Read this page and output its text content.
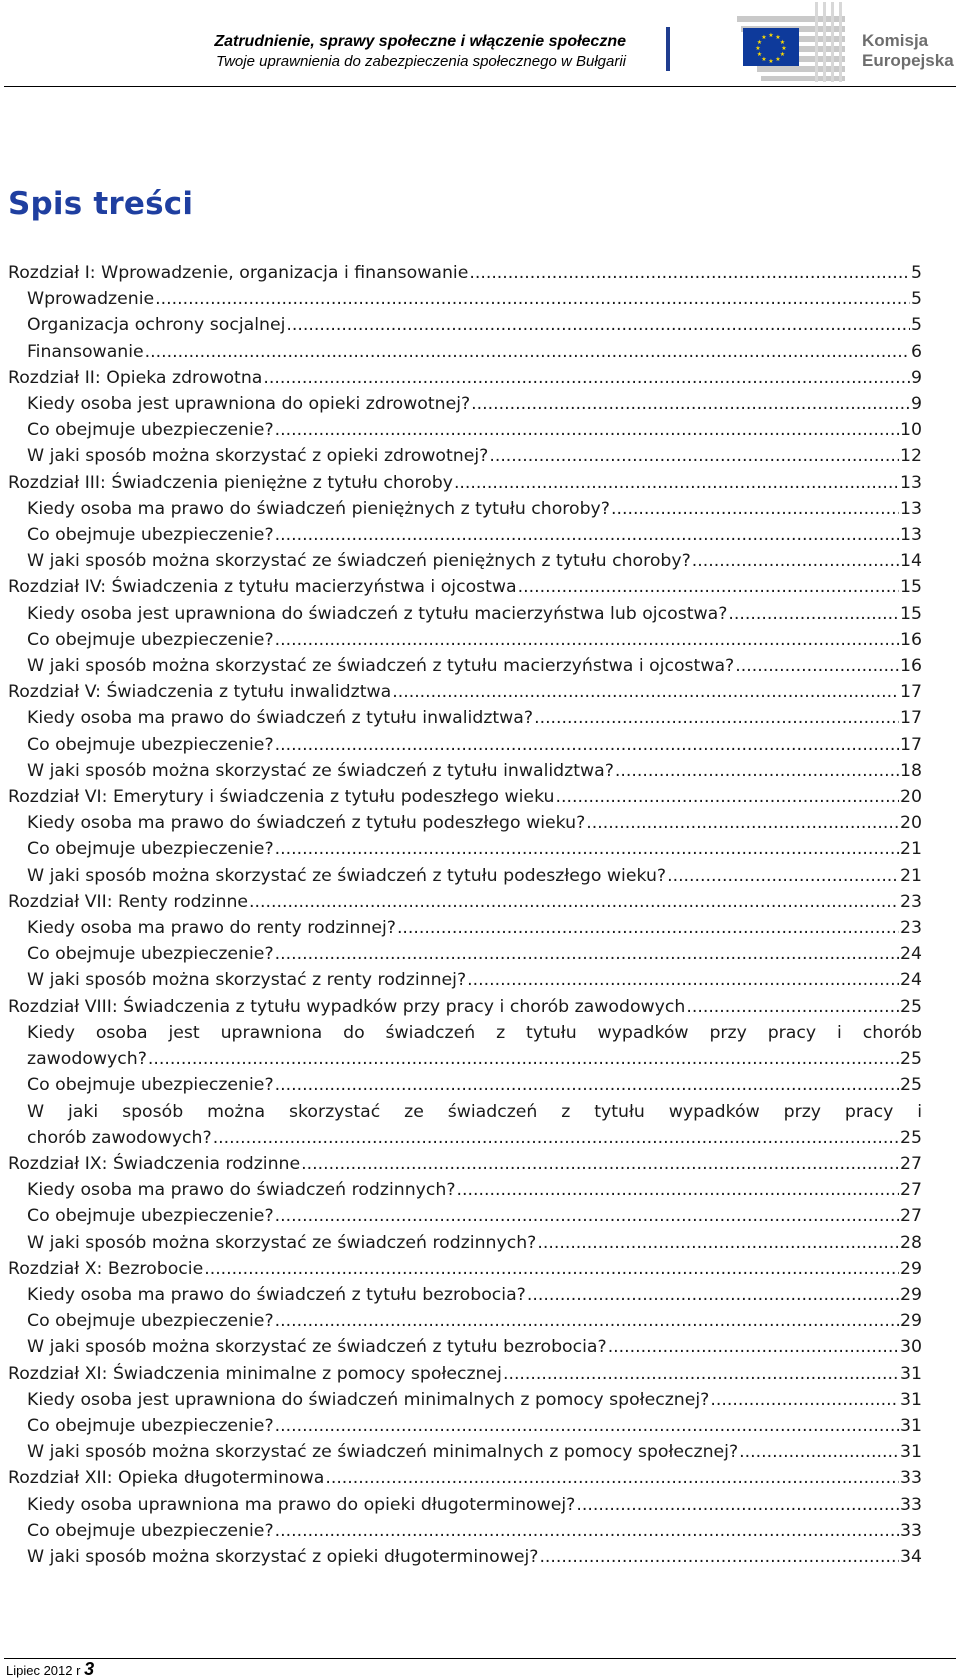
Zatrudnienie, sprawy społeczne i włączenie społeczne
Twoje uprawnienia do zabezpieczenia społecznego w Bułgarii
★ ★
★
★
★
★
★
★
★
★
★
★	Komisja
Europejska
Spis treści
Rozdział I: Wprowadzenie, organizacja i finansowanie .....	5
Wprowadzenie .....	5
Organizacja ochrony socjalnej .....	5
Finansowanie .....	6
Rozdział II: Opieka zdrowotna .....	9
Kiedy osoba jest uprawniona do opieki zdrowotnej? .....	9
Co obejmuje ubezpieczenie? .....	10
W jaki sposób można skorzystać z opieki zdrowotnej? .....	12
Rozdział III: Świadczenia pieniężne z tytułu choroby .....	13
Kiedy osoba ma prawo do świadczeń pieniężnych z tytułu choroby? .....	13
Co obejmuje ubezpieczenie? .....	13
W jaki sposób można skorzystać ze świadczeń pieniężnych z tytułu choroby? .....	14
Rozdział IV: Świadczenia z tytułu macierzyństwa i ojcostwa .....	15
Kiedy osoba jest uprawniona do świadczeń z tytułu macierzyństwa lub ojcostwa? .....	15
Co obejmuje ubezpieczenie? .....	16
W jaki sposób można skorzystać ze świadczeń z tytułu macierzyństwa i ojcostwa? .....	16
Rozdział V: Świadczenia z tytułu inwalidztwa .....	17
Kiedy osoba ma prawo do świadczeń z tytułu inwalidztwa? .....	17
Co obejmuje ubezpieczenie? .....	17
W jaki sposób można skorzystać ze świadczeń z tytułu inwalidztwa? .....	18
Rozdział VI: Emerytury i świadczenia z tytułu podeszłego wieku .....	20
Kiedy osoba ma prawo do świadczeń z tytułu podeszłego wieku? .....	20
Co obejmuje ubezpieczenie? .....	21
W jaki sposób można skorzystać ze świadczeń z tytułu podeszłego wieku? .....	21
Rozdział VII: Renty rodzinne .....	23
Kiedy osoba ma prawo do renty rodzinnej? .....	23
Co obejmuje ubezpieczenie? .....	24
W jaki sposób można skorzystać z renty rodzinnej? .....	24
Rozdział VIII: Świadczenia z tytułu wypadków przy pracy i chorób zawodowych .....	25
Kiedy osoba jest uprawniona do świadczeń z tytułu wypadków przy pracy i chorób
zawodowych? .....	25
Co obejmuje ubezpieczenie? .....	25
W jaki sposób można skorzystać ze świadczeń z tytułu wypadków przy pracy i
chorób zawodowych? .....	25
Rozdział IX: Świadczenia rodzinne .....	27
Kiedy osoba ma prawo do świadczeń rodzinnych? .....	27
Co obejmuje ubezpieczenie? .....	27
W jaki sposób można skorzystać ze świadczeń rodzinnych? .....	28
Rozdział X: Bezrobocie .....	29
Kiedy osoba ma prawo do świadczeń z tytułu bezrobocia? .....	29
Co obejmuje ubezpieczenie? .....	29
W jaki sposób można skorzystać ze świadczeń z tytułu bezrobocia? .....	30
Rozdział XI: Świadczenia minimalne z pomocy społecznej .....	31
Kiedy osoba jest uprawniona do świadczeń minimalnych z pomocy społecznej? .....	31
Co obejmuje ubezpieczenie? .....	31
W jaki sposób można skorzystać ze świadczeń minimalnych z pomocy społecznej? .....	31
Rozdział XII: Opieka długoterminowa .....	33
Kiedy osoba uprawniona ma prawo do opieki długoterminowej? .....	33
Co obejmuje ubezpieczenie? .....	33
W jaki sposób można skorzystać z opieki długoterminowej? .....	34
Lipiec 2012 r 3
